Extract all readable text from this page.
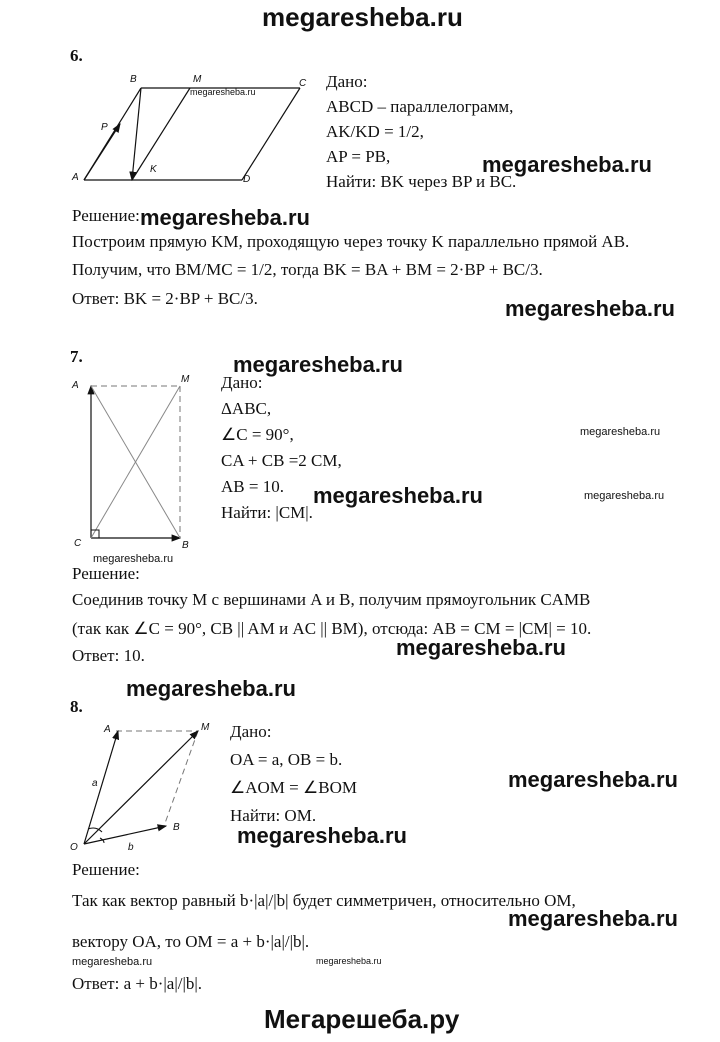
megaresheba.ru
Мегарешеба.ру
6.
B	M	C
A	D
P
K
megaresheba.ru
Дано:
ABCD – параллелограмм,
AK/KD = 1/2,
AP = PB,
Найти: BK через BP и BC.
megaresheba.ru
Решение: megaresheba.ru
Построим прямую KM, проходящую через точку K параллельно прямой AB.
Получим, что BM/MC = 1/2, тогда BK = BA + BM = 2·BP + BC/3.
Ответ: BK = 2·BP + BC/3.	megaresheba.ru
7.	megaresheba.ru
A
M
C	B
Дано:
ΔABC,
∠C = 90°,
CA + CB =2 CM,
AB = 10.
Найти: |CM|.
megaresheba.ru
megaresheba.ru	megaresheba.ru
megaresheba.ru
Решение:
Соединив точку M с вершинами A и B, получим прямоугольник CAMB
(так как ∠C = 90°, CB || AM и AC || BM), отсюда: AB = CM = |CM| = 10.
Ответ: 10.	megaresheba.ru
megaresheba.ru
8.
A	M
O
B
a
b
Дано:
OA = a, OB = b.
∠AOM = ∠BOM
Найти: OM.
megaresheba.ru
megaresheba.ru
Решение:
Так как вектор равный b·|a|/|b| будет симметричен, относительно OM,
megaresheba.ru
вектору OA, то OM = a + b·|a|/|b|.
megaresheba.ru	megaresheba.ru
Ответ: a + b·|a|/|b|.
